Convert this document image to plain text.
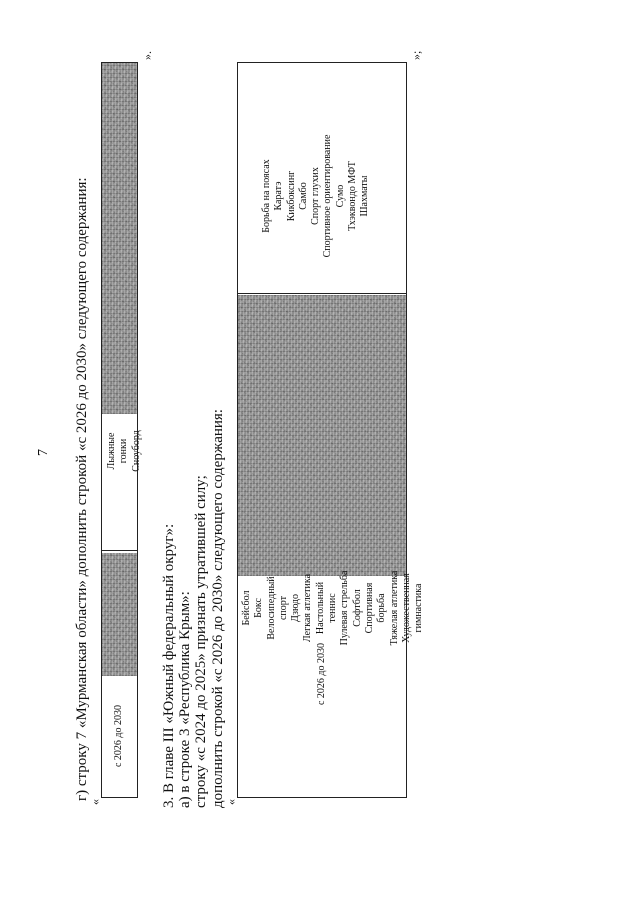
7 г) строку 7 «Мурманская области» дополнить строкой «с 2026 до 2030» следующего содержания:
«
с 2026 до 2030
Лыжные гонки Сноуборд
».
3. В главе III «Южный федеральный округ»: а) в строке 3 «Республика Крым»: строку «с 2024 до 2025» признать утратившей силу; дополнить строкой «с 2026 до 2030» следующего содержания:
«
с 2026 до 2030
Бейсбол Бокс Велосипедный спорт Дзюдо Легкая атлетика Настольный теннис Пулевая стрельба Софтбол Спортивная борьба Тяжелая атлетика Художественная гимнастика
Борьба на поясах Каратэ Кикбоксинг Самбо Спорт глухих Спортивное ориентирование Сумо Тхэквондо МФТ Шахматы
»;
